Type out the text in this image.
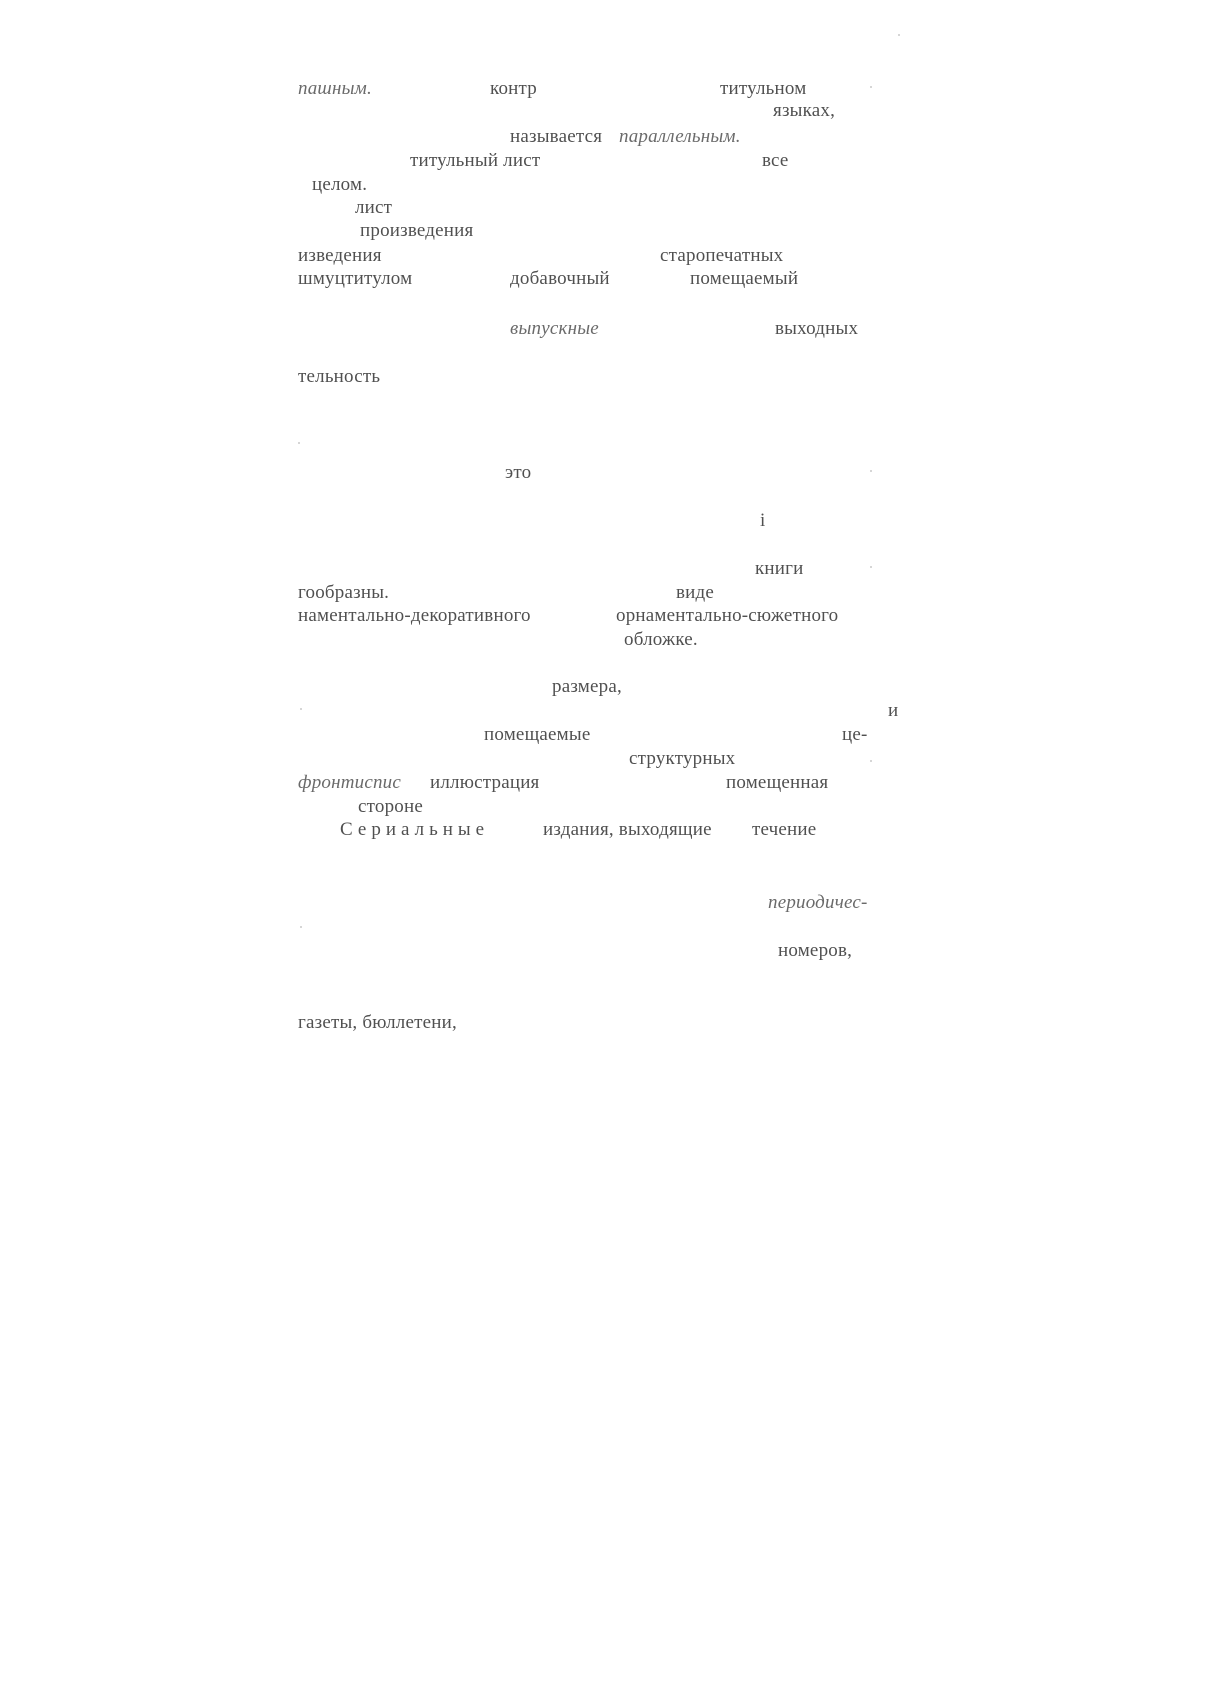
пашным.	контр	титульном
языках,
называется параллельным.
титульный лист	все
целом.
лист
произведения
изведения	старопечатных
шмуцтитулом	добавочный	помещаемый
выпускные	выходных
тельность
это
і
книги
гообразны.	виде
наментально-декоративного	орнаментально-сюжетного
обложке.
размера,
и
помещаемые	це-
структурных
фронтиспис иллюстрация	помещенная
стороне
Сериальные	издания, выходящие течение
периодичес-
номеров,
газеты, бюллетени,
